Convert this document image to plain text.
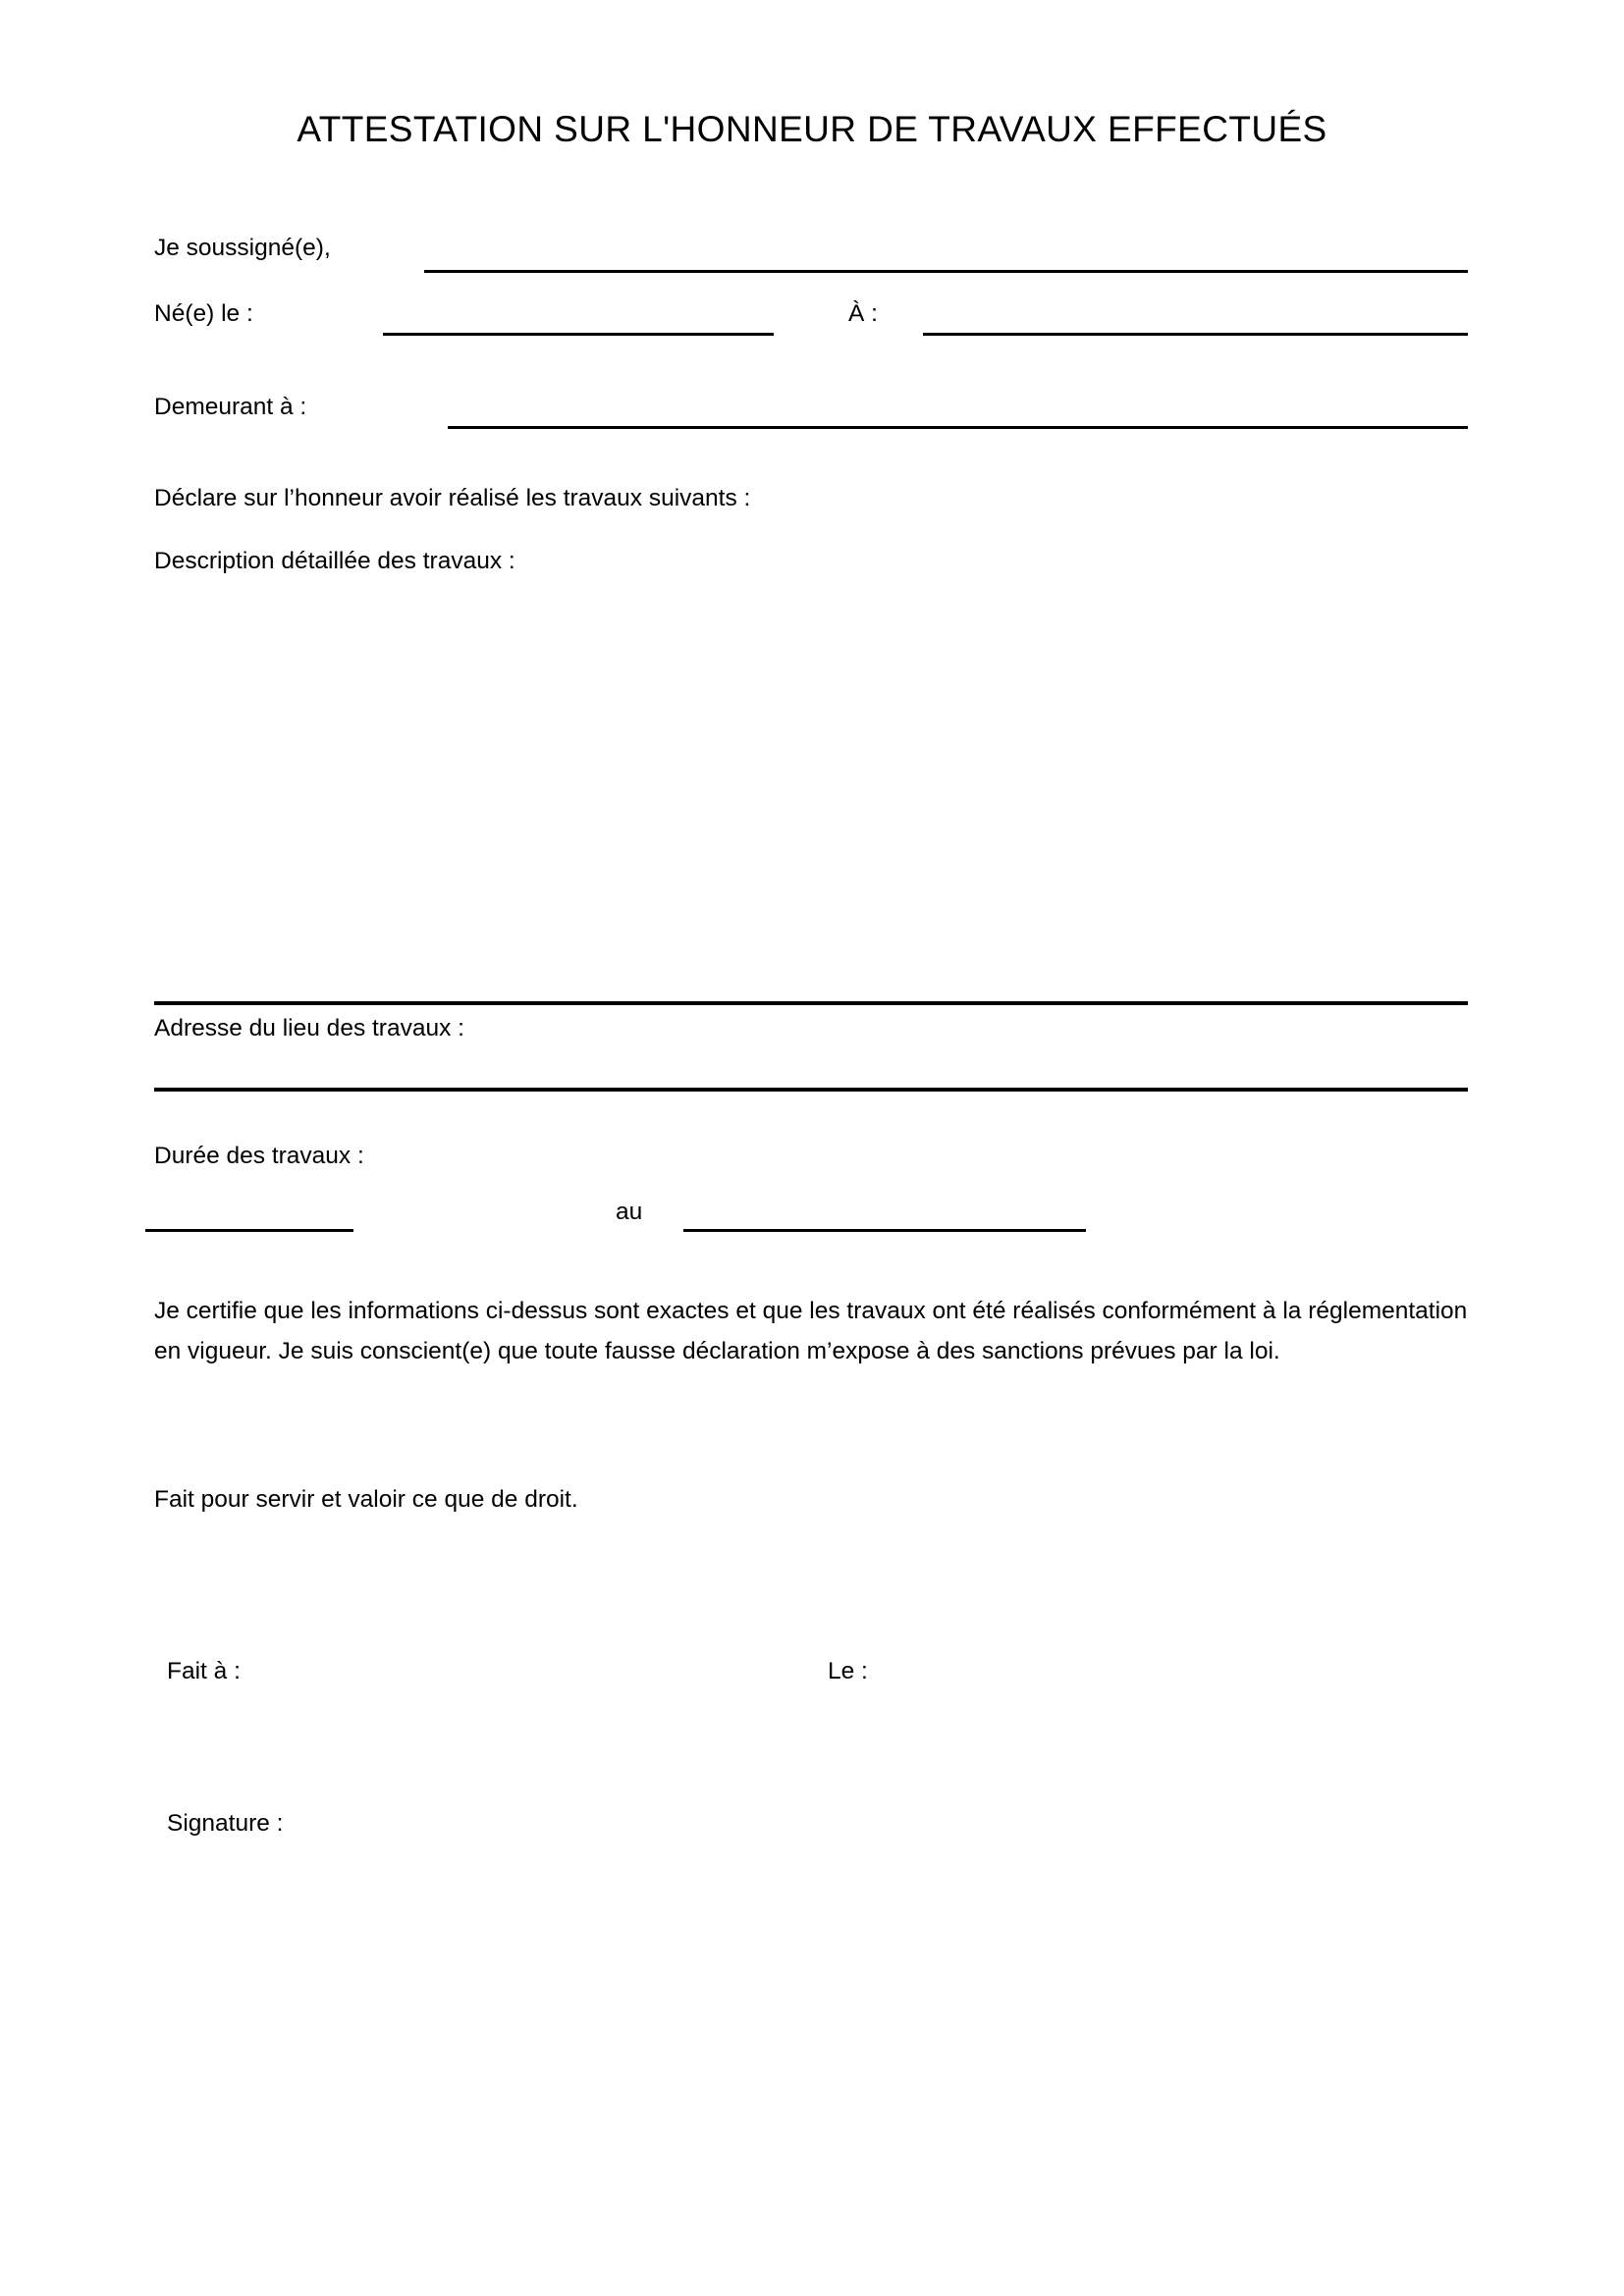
ATTESTATION SUR L'HONNEUR DE TRAVAUX EFFECTUÉS
Je soussigné(e),
Né(e) le :	À :
Demeurant à :
Déclare sur l’honneur avoir réalisé les travaux suivants :
Description détaillée des travaux :
Adresse du lieu des travaux :
Durée des travaux :
au

Je certifie que les informations ci-dessus sont exactes et que les travaux ont été réalisés conformément à la réglementation en vigueur. Je suis conscient(e) que toute fausse déclaration m’expose à des sanctions prévues par la loi.

Fait pour servir et valoir ce que de droit.
Fait à :	Le :
Signature :
